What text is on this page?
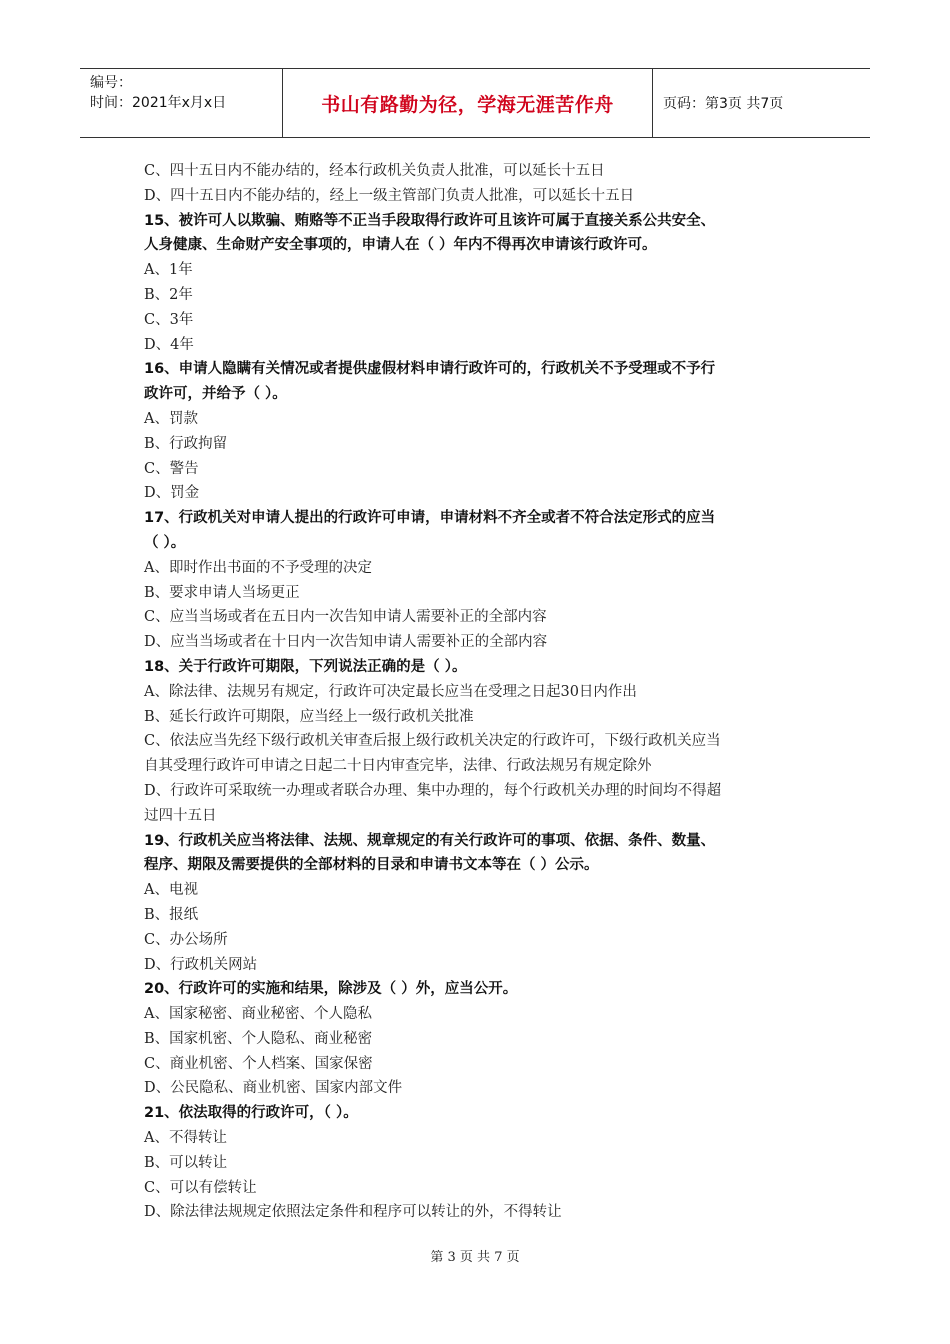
编号：
时间：2021年x月x日	书山有路勤为径，学海无涯苦作舟	页码：第3页 共7页
C、四十五日内不能办结的，经本行政机关负责人批准，可以延长十五日
D、四十五日内不能办结的，经上一级主管部门负责人批准，可以延长十五日
15、被许可人以欺骗、贿赂等不正当手段取得行政许可且该许可属于直接关系公共安全、
人身健康、生命财产安全事项的，申请人在（ ）年内不得再次申请该行政许可。
A、1年
B、2年
C、3年
D、4年
16、申请人隐瞒有关情况或者提供虚假材料申请行政许可的，行政机关不予受理或不予行
政许可，并给予（ ）。
A、罚款
B、行政拘留
C、警告
D、罚金
17、行政机关对申请人提出的行政许可申请，申请材料不齐全或者不符合法定形式的应当
（ ）。
A、即时作出书面的不予受理的决定
B、要求申请人当场更正
C、应当当场或者在五日内一次告知申请人需要补正的全部内容
D、应当当场或者在十日内一次告知申请人需要补正的全部内容
18、关于行政许可期限，下列说法正确的是（ ）。
A、除法律、法规另有规定，行政许可决定最长应当在受理之日起30日内作出
B、延长行政许可期限，应当经上一级行政机关批准
C、依法应当先经下级行政机关审查后报上级行政机关决定的行政许可，下级行政机关应当
自其受理行政许可申请之日起二十日内审查完毕，法律、行政法规另有规定除外
D、行政许可采取统一办理或者联合办理、集中办理的，每个行政机关办理的时间均不得超
过四十五日
19、行政机关应当将法律、法规、规章规定的有关行政许可的事项、依据、条件、数量、
程序、期限及需要提供的全部材料的目录和申请书文本等在（ ）公示。
A、电视
B、报纸
C、办公场所
D、行政机关网站
20、行政许可的实施和结果，除涉及（ ）外，应当公开。
A、国家秘密、商业秘密、个人隐私
B、国家机密、个人隐私、商业秘密
C、商业机密、个人档案、国家保密
D、公民隐私、商业机密、国家内部文件
21、依法取得的行政许可，（ ）。
A、不得转让
B、可以转让
C、可以有偿转让
D、除法律法规规定依照法定条件和程序可以转让的外，不得转让
第 3 页 共 7 页
